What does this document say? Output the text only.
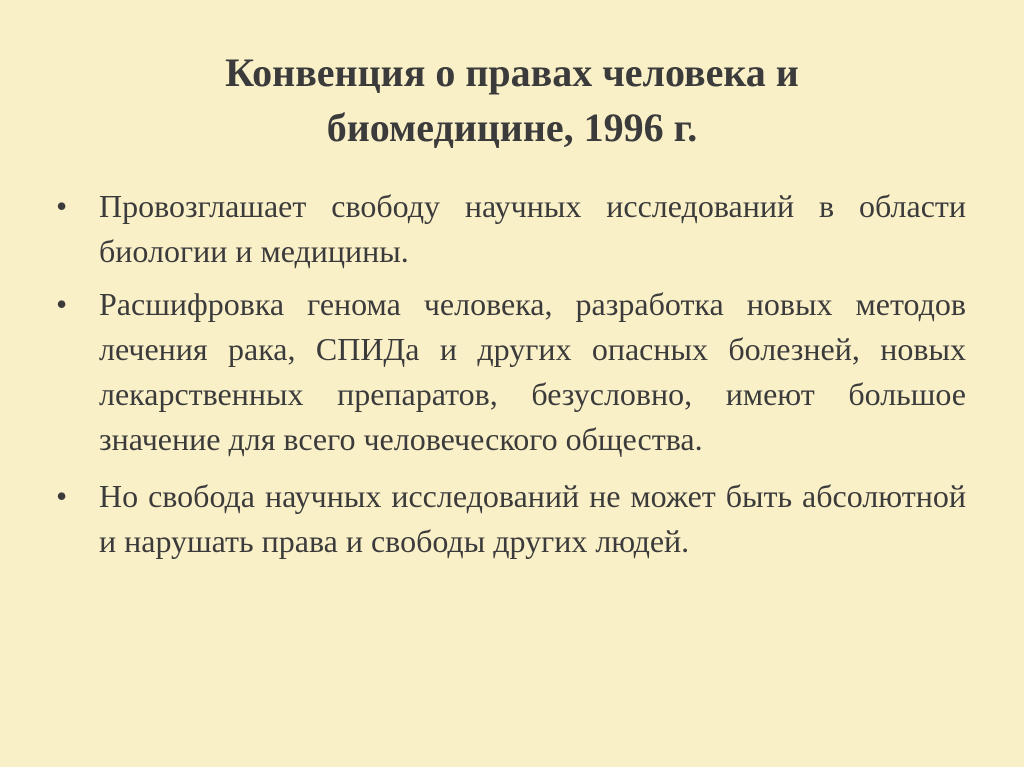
Конвенция о правах человека и
биомедицине, 1996 г.
• Провозглашает свободу научных исследований в области биологии и медицины.
• Расшифровка генома человека, разработка новых методов лечения рака, СПИДа и других опасных болезней, новых лекарственных препаратов, безусловно, имеют большое значение для всего человеческого общества.
• Но свобода научных исследований не может быть абсолютной и нарушать права и свободы других людей.
